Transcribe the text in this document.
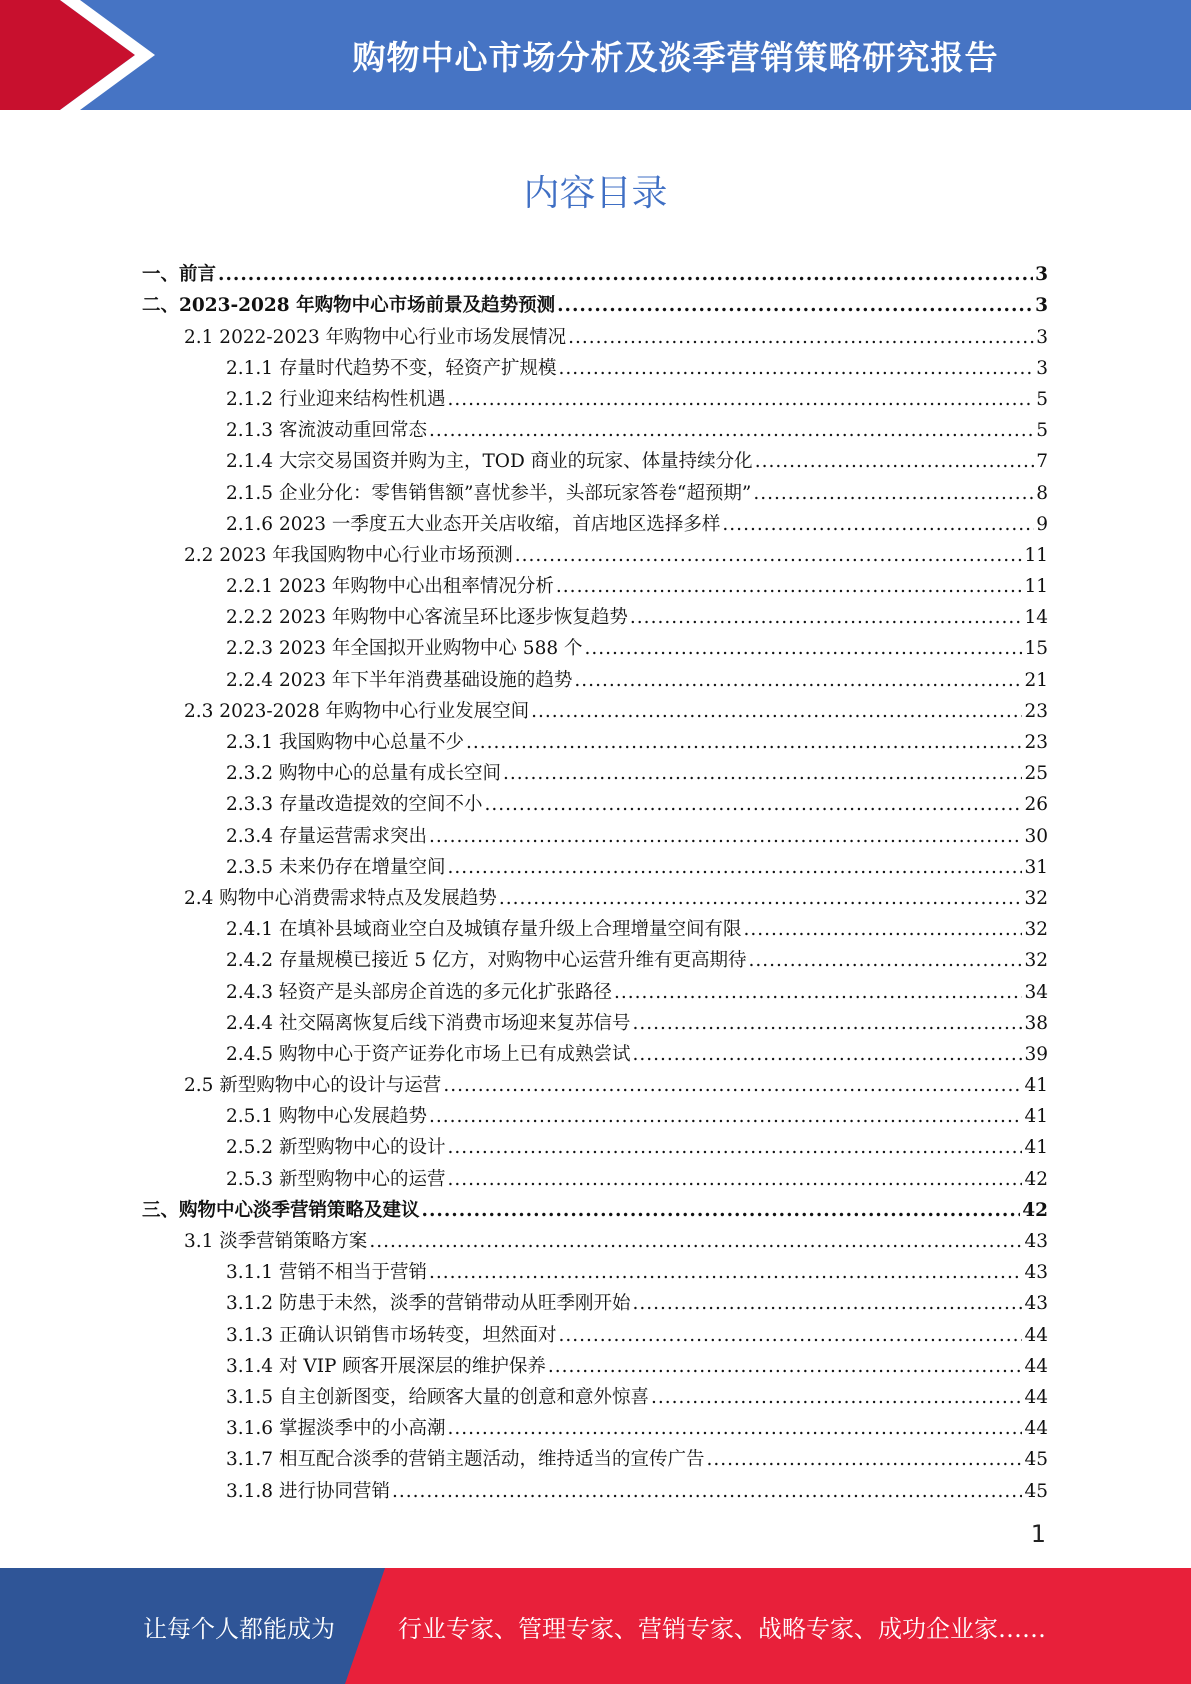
购物中心市场分析及淡季营销策略研究报告
内容目录
一、前言 .....	3
二、2023-2028 年购物中心市场前景及趋势预测 .....	3
2.1 2022-2023 年购物中心行业市场发展情况 .....	3
2.1.1 存量时代趋势不变，轻资产扩规模 .....	3
2.1.2 行业迎来结构性机遇 .....	5
2.1.3 客流波动重回常态 .....	5
2.1.4 大宗交易国资并购为主，TOD 商业的玩家、体量持续分化 .....	7
2.1.5 企业分化：零售销售额”喜忧参半，头部玩家答卷“超预期” .....	8
2.1.6 2023 一季度五大业态开关店收缩，首店地区选择多样 .....	9
2.2 2023 年我国购物中心行业市场预测 .....	11
2.2.1 2023 年购物中心出租率情况分析 .....	11
2.2.2 2023 年购物中心客流呈环比逐步恢复趋势 .....	14
2.2.3 2023 年全国拟开业购物中心 588 个 .....	15
2.2.4 2023 年下半年消费基础设施的趋势 .....	21
2.3 2023-2028 年购物中心行业发展空间 .....	23
2.3.1 我国购物中心总量不少 .....	23
2.3.2 购物中心的总量有成长空间 .....	25
2.3.3 存量改造提效的空间不小 .....	26
2.3.4 存量运营需求突出 .....	30
2.3.5 未来仍存在增量空间 .....	31
2.4 购物中心消费需求特点及发展趋势 .....	32
2.4.1 在填补县域商业空白及城镇存量升级上合理增量空间有限 .....	32
2.4.2 存量规模已接近 5 亿方，对购物中心运营升维有更高期待 .....	32
2.4.3 轻资产是头部房企首选的多元化扩张路径 .....	34
2.4.4 社交隔离恢复后线下消费市场迎来复苏信号 .....	38
2.4.5 购物中心于资产证券化市场上已有成熟尝试 .....	39
2.5 新型购物中心的设计与运营 .....	41
2.5.1 购物中心发展趋势 .....	41
2.5.2 新型购物中心的设计 .....	41
2.5.3 新型购物中心的运营 .....	42
三、购物中心淡季营销策略及建议 .....	42
3.1 淡季营销策略方案 .....	43
3.1.1 营销不相当于营销 .....	43
3.1.2 防患于未然，淡季的营销带动从旺季刚开始 .....	43
3.1.3 正确认识销售市场转变，坦然面对 .....	44
3.1.4 对 VIP 顾客开展深层的维护保养 .....	44
3.1.5 自主创新图变，给顾客大量的创意和意外惊喜 .....	44
3.1.6 掌握淡季中的小高潮 .....	44
3.1.7 相互配合淡季的营销主题活动，维持适当的宣传广告 .....	45
3.1.8 进行协同营销 .....	45
1
让每个人都能成为	行业专家、管理专家、营销专家、战略专家、成功企业家……
